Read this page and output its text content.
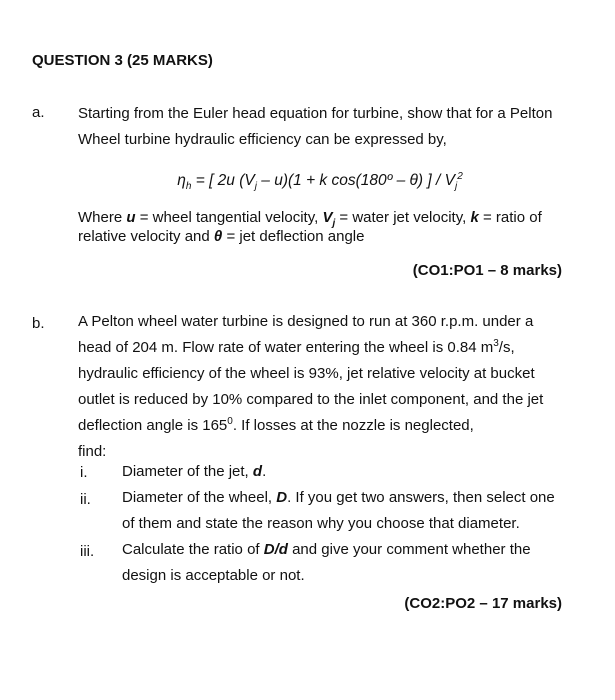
QUESTION 3 (25 MARKS)
a. Starting from the Euler head equation for turbine, show that for a Pelton
Wheel turbine hydraulic efficiency can be expressed by,
$\eta_h$ = [ 2u $(V_j - u)(1 + k$ cos(180º – θ) ] / $V_j^2$
Where u = wheel tangential velocity, $V_j$ = water jet velocity, k = ratio of
relative velocity and θ = jet deflection angle
(CO1:PO1 – 8 marks)
b. A Pelton wheel water turbine is designed to run at 360 r.p.m. under a
head of 204 m. Flow rate of water entering the wheel is 0.84 $m^3/s$,
hydraulic efficiency of the wheel is 93%, jet relative velocity at bucket
outlet is reduced by 10% compared to the inlet component, and the jet
deflection angle is $165^0$. If losses at the nozzle is neglected,
find:
i. Diameter of the jet, d.
ii. Diameter of the wheel, D. If you get two answers, then select one
of them and state the reason why you choose that diameter.
iii. Calculate the ratio of D/d and give your comment whether the
design is acceptable or not.
(CO2:PO2 – 17 marks)
